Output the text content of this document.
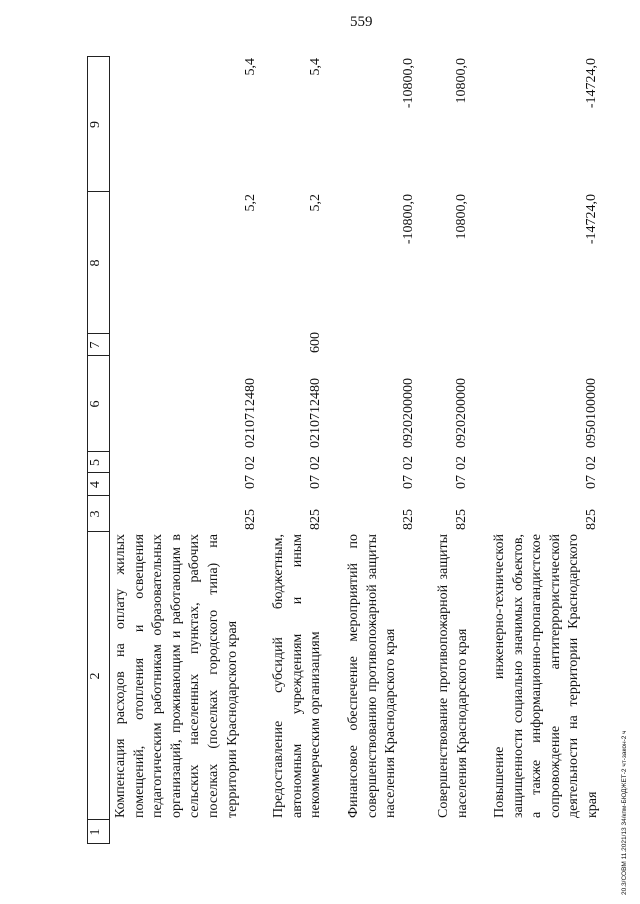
559
1
2
3
4
5
6
7
8
9
Компенсация расходов на оплату жилых помещений, отопления и освещения педагогическим работникам образовательных организаций, проживающим и работающим в сельских населенных пунктах, рабочих поселках (поселках городского типа) на территории Краснодарского края
825
07
02
0210712480
5,2
5,4
Предоставление субсидий бюджетным, автономным учреждениям и иным некоммерческим организациям
825
07
02
0210712480
600
5,2
5,4
Финансовое обеспечение мероприятий по совершенствованию противопожарной защиты населения Краснодарского края
825
07
02
0920200000
-10800,0
-10800,0
Совершенствование противопожарной защиты населения Краснодарского края
825
07
02
0920200000
10800,0
10800,0
Повышение инженерно-технической защищенности социально значимых объектов, а также информационно-пропагандистское сопровождение антитеррористической деятельности на территории Краснодарского края
825
07
02
0950100000
-14724,0
-14724,0
20.3/СОВМ 11.2021/13 34/кпм-БЮДЖЕТ-2 чт-закон-2 ч
